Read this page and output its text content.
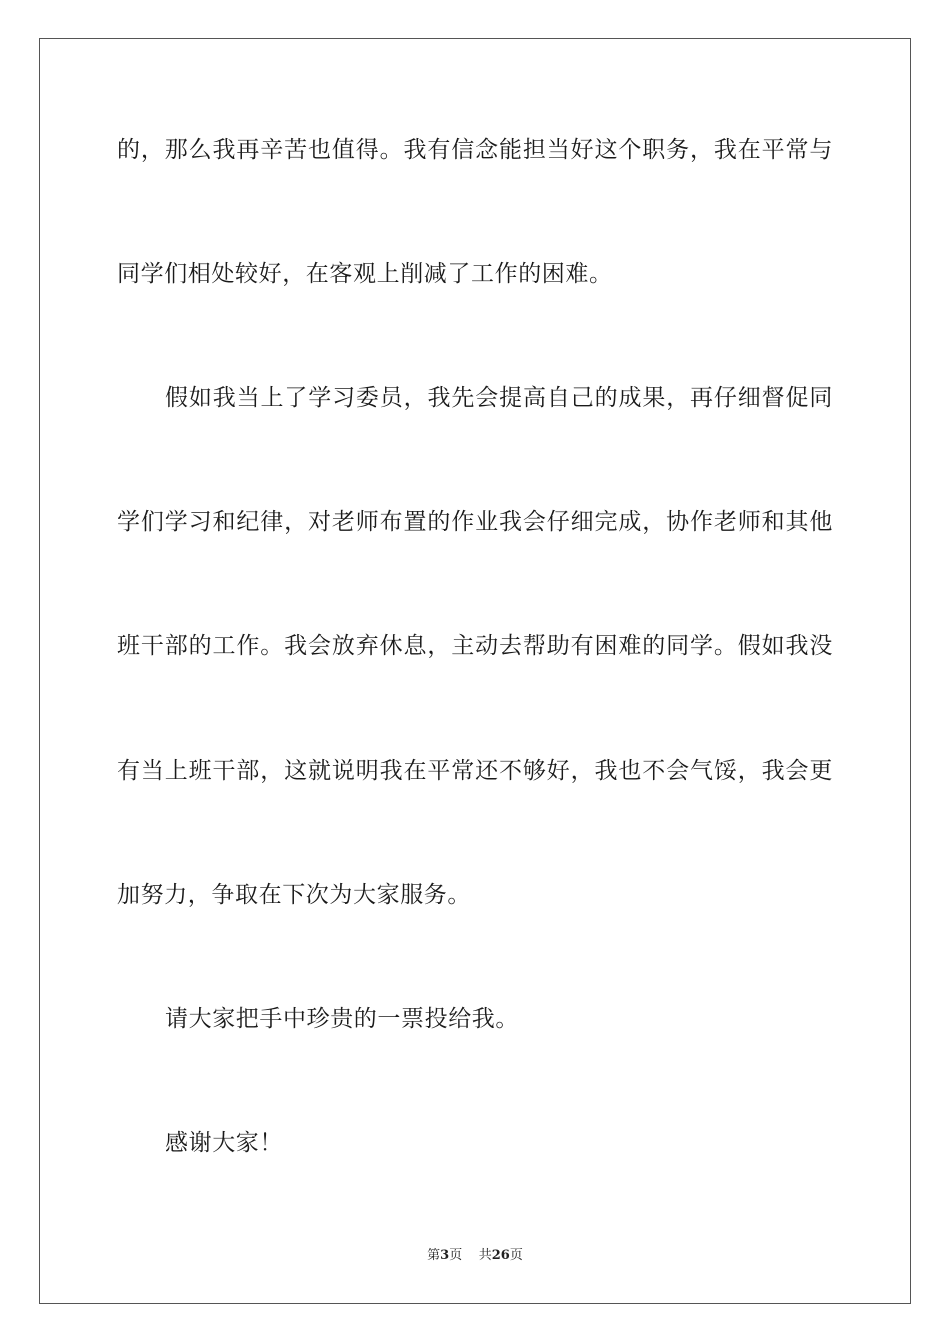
的，那么我再辛苦也值得。我有信念能担当好这个职务，我在平常与
同学们相处较好，在客观上削减了工作的困难。
假如我当上了学习委员，我先会提高自己的成果，再仔细督促同
学们学习和纪律，对老师布置的作业我会仔细完成，协作老师和其他
班干部的工作。我会放弃休息，主动去帮助有困难的同学。假如我没
有当上班干部，这就说明我在平常还不够好，我也不会气馁，我会更
加努力，争取在下次为大家服务。
请大家把手中珍贵的一票投给我。
感谢大家！
第3页 共26页
